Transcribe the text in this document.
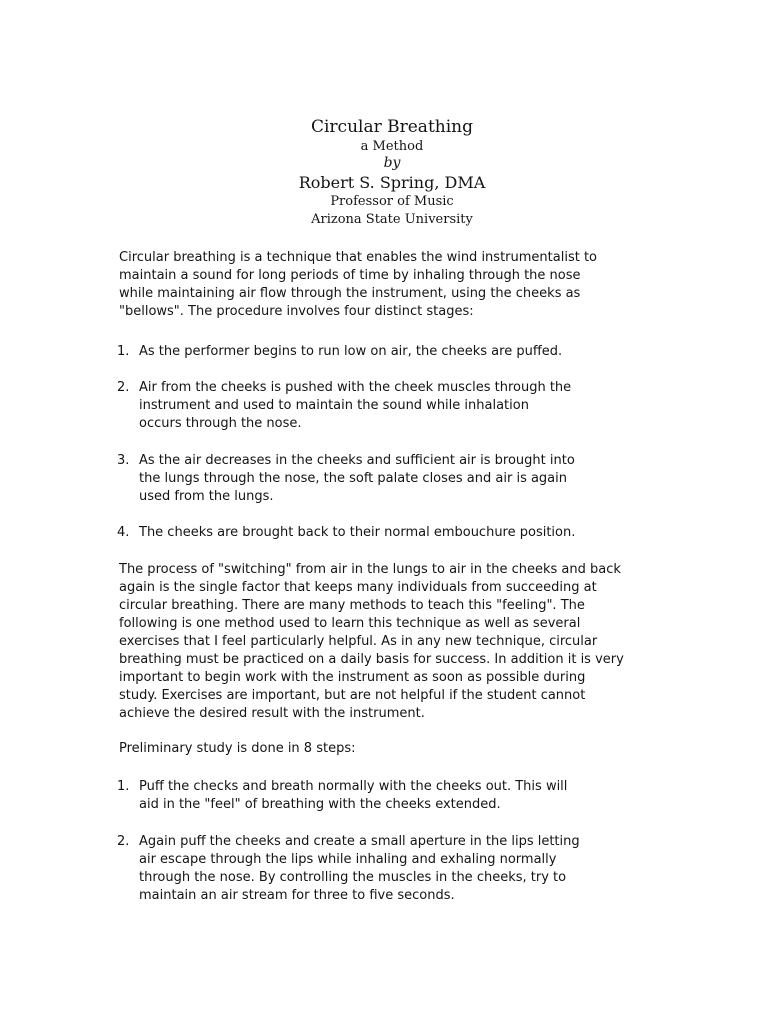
Circular Breathing
a Method
by
Robert S. Spring, DMA
Professor of Music
Arizona State University
Circular breathing is a technique that enables the wind instrumentalist to
maintain a sound for long periods of time by inhaling through the nose
while maintaining air flow through the instrument, using the cheeks as
"bellows". The procedure involves four distinct stages:
1. As the performer begins to run low on air, the cheeks are puffed.
2. Air from the cheeks is pushed with the cheek muscles through the
instrument and used to maintain the sound while inhalation
occurs through the nose.
3. As the air decreases in the cheeks and sufficient air is brought into
the lungs through the nose, the soft palate closes and air is again
used from the lungs.
4. The cheeks are brought back to their normal embouchure position.
The process of "switching" from air in the lungs to air in the cheeks and back
again is the single factor that keeps many individuals from succeeding at
circular breathing. There are many methods to teach this "feeling". The
following is one method used to learn this technique as well as several
exercises that I feel particularly helpful. As in any new technique, circular
breathing must be practiced on a daily basis for success. In addition it is very
important to begin work with the instrument as soon as possible during
study. Exercises are important, but are not helpful if the student cannot
achieve the desired result with the instrument.
Preliminary study is done in 8 steps:
1. Puff the checks and breath normally with the cheeks out. This will
aid in the "feel" of breathing with the cheeks extended.
2. Again puff the cheeks and create a small aperture in the lips letting
air escape through the lips while inhaling and exhaling normally
through the nose. By controlling the muscles in the cheeks, try to
maintain an air stream for three to five seconds.
